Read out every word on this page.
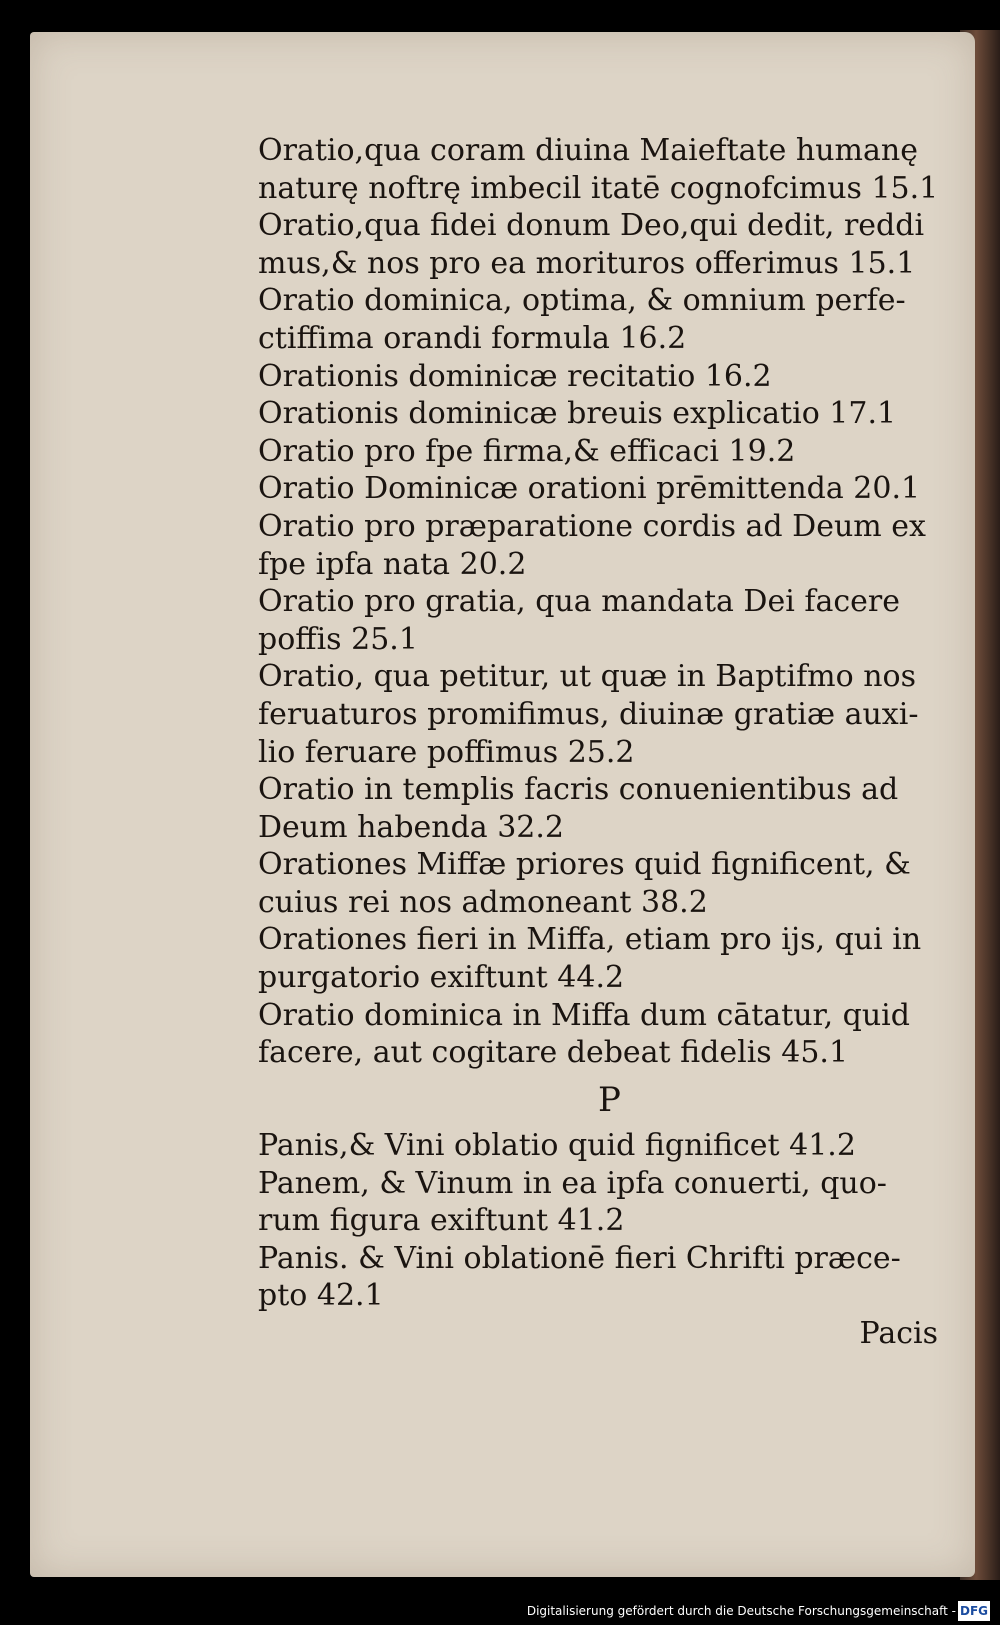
Oratio,qua coram diuina Maieftate humanę
naturę noftrę imbecil itatē cognofcimus 15.1
Oratio,qua fidei donum Deo,qui dedit, reddi
mus,& nos pro ea morituros offerimus 15.1
Oratio dominica, optima, & omnium perfe-
ctiffima orandi formula 16.2
Orationis dominicæ recitatio 16.2
Orationis dominicæ breuis explicatio 17.1
Oratio pro fpe firma,& efficaci 19.2
Oratio Dominicæ orationi prēmittenda 20.1
Oratio pro præparatione cordis ad Deum ex
fpe ipfa nata 20.2
Oratio pro gratia, qua mandata Dei facere
poffis 25.1
Oratio, qua petitur, ut quæ in Baptifmo nos
feruaturos promifimus, diuinæ gratiæ auxi-
lio feruare poffimus 25.2
Oratio in templis facris conuenientibus ad
Deum habenda 32.2
Orationes Miffæ priores quid fignificent, &
cuius rei nos admoneant 38.2
Orationes fieri in Miffa, etiam pro ijs, qui in
purgatorio exiftunt 44.2
Oratio dominica in Miffa dum cātatur, quid
facere, aut cogitare debeat fidelis 45.1
P
Panis,& Vini oblatio quid fignificet 41.2
Panem, & Vinum in ea ipfa conuerti, quo-
rum figura exiftunt 41.2
Panis. & Vini oblationē fieri Chrifti præce-
pto 42.1
Pacis
Digitalisierung gefördert durch die Deutsche Forschungsgemeinschaft - DFG
